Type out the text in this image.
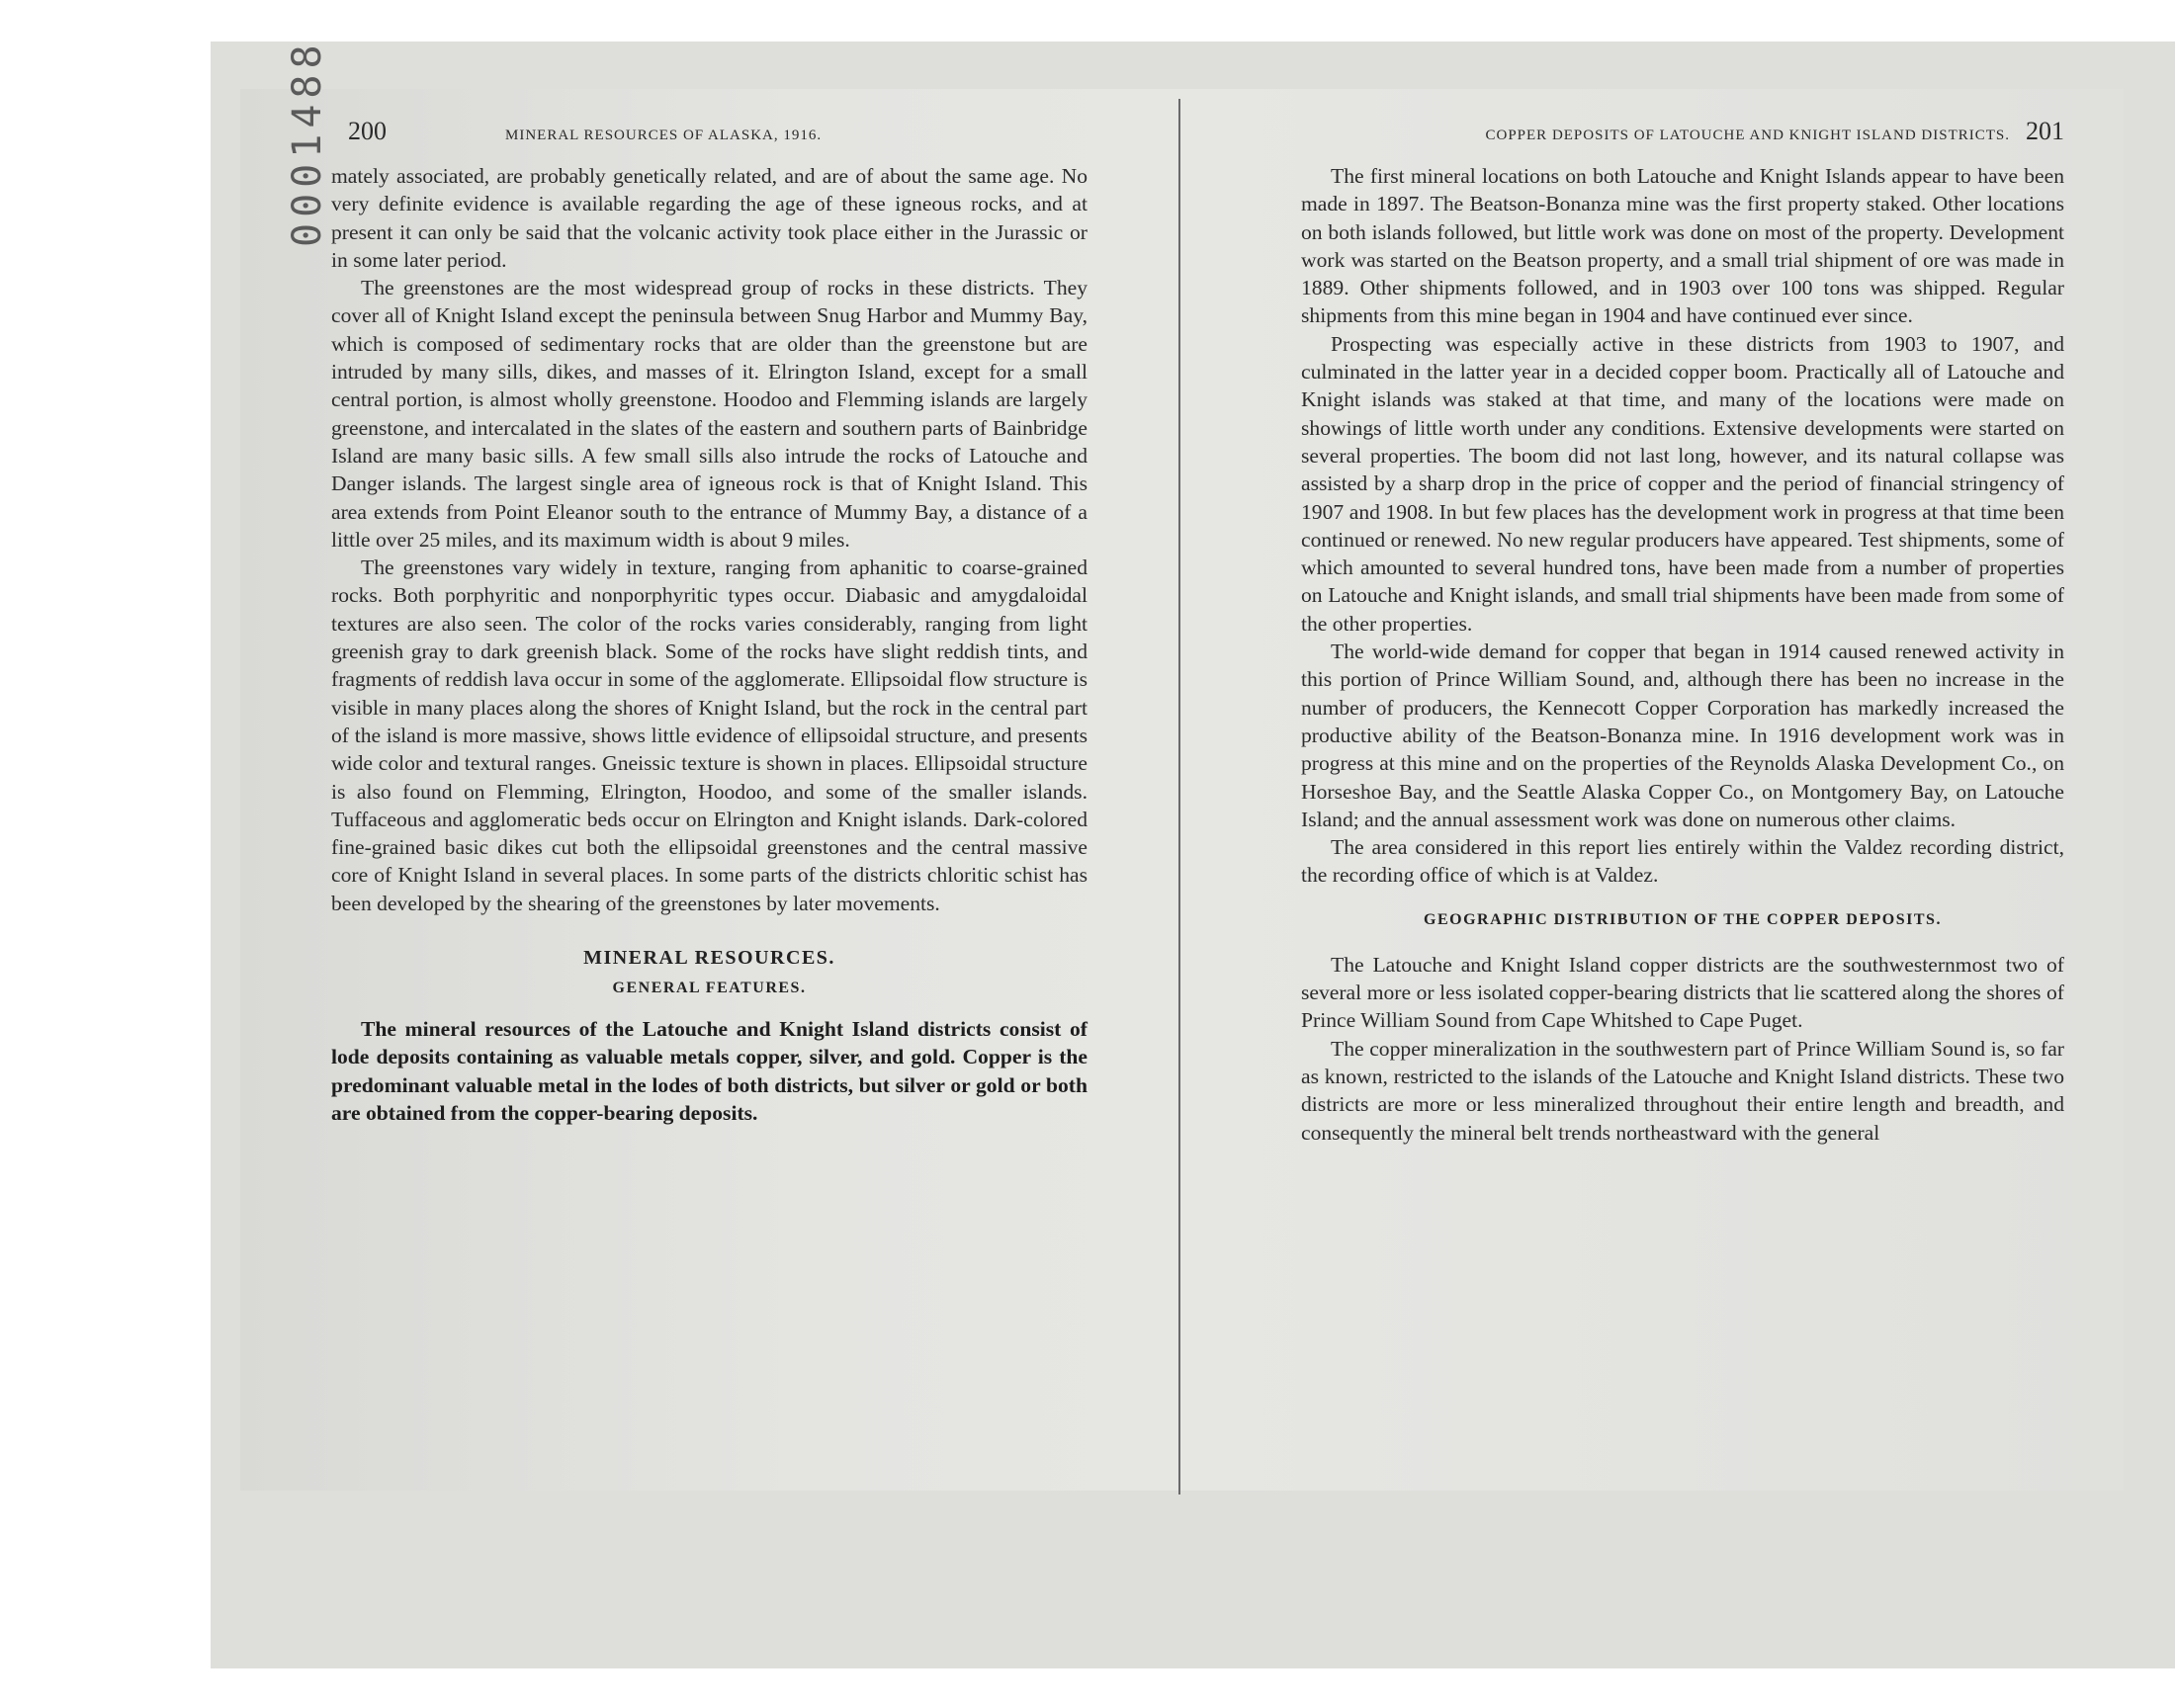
0001488 200	MINERAL RESOURCES OF ALASKA, 1916.

mately associated, are probably genetically related, and are of about the same age. No very definite evidence is available regarding the age of these igneous rocks, and at present it can only be said that the volcanic activity took place either in the Jurassic or in some later period.

The greenstones are the most widespread group of rocks in these districts. They cover all of Knight Island except the peninsula between Snug Harbor and Mummy Bay, which is composed of sedimentary rocks that are older than the greenstone but are intruded by many sills, dikes, and masses of it. Elrington Island, except for a small central portion, is almost wholly greenstone. Hoodoo and Flemming islands are largely greenstone, and intercalated in the slates of the eastern and southern parts of Bainbridge Island are many basic sills. A few small sills also intrude the rocks of Latouche and Danger islands. The largest single area of igneous rock is that of Knight Island. This area extends from Point Eleanor south to the entrance of Mummy Bay, a distance of a little over 25 miles, and its maximum width is about 9 miles.

The greenstones vary widely in texture, ranging from aphanitic to coarse-grained rocks. Both porphyritic and nonporphyritic types occur. Diabasic and amygdaloidal textures are also seen. The color of the rocks varies considerably, ranging from light greenish gray to dark greenish black. Some of the rocks have slight reddish tints, and fragments of reddish lava occur in some of the agglomerate. Ellipsoidal flow structure is visible in many places along the shores of Knight Island, but the rock in the central part of the island is more massive, shows little evidence of ellipsoidal structure, and presents wide color and textural ranges. Gneissic texture is shown in places. Ellipsoidal structure is also found on Flemming, Elrington, Hoodoo, and some of the smaller islands. Tuffaceous and agglomeratic beds occur on Elrington and Knight islands. Dark-colored fine-grained basic dikes cut both the ellipsoidal greenstones and the central massive core of Knight Island in several places. In some parts of the districts chloritic schist has been developed by the shearing of the greenstones by later movements.

MINERAL RESOURCES.
GENERAL FEATURES.

The mineral resources of the Latouche and Knight Island districts consist of lode deposits containing as valuable metals copper, silver, and gold. Copper is the predominant valuable metal in the lodes of both districts, but silver or gold or both are obtained from the copper-bearing deposits.

COPPER DEPOSITS OF LATOUCHE AND KNIGHT ISLAND DISTRICTS. 201

The first mineral locations on both Latouche and Knight Islands appear to have been made in 1897. The Beatson-Bonanza mine was the first property staked. Other locations on both islands followed, but little work was done on most of the property. Development work was started on the Beatson property, and a small trial shipment of ore was made in 1889. Other shipments followed, and in 1903 over 100 tons was shipped. Regular shipments from this mine began in 1904 and have continued ever since.

Prospecting was especially active in these districts from 1903 to 1907, and culminated in the latter year in a decided copper boom. Practically all of Latouche and Knight islands was staked at that time, and many of the locations were made on showings of little worth under any conditions. Extensive developments were started on several properties. The boom did not last long, however, and its natural collapse was assisted by a sharp drop in the price of copper and the period of financial stringency of 1907 and 1908. In but few places has the development work in progress at that time been continued or renewed. No new regular producers have appeared. Test shipments, some of which amounted to several hundred tons, have been made from a number of properties on Latouche and Knight islands, and small trial shipments have been made from some of the other properties.

The world-wide demand for copper that began in 1914 caused renewed activity in this portion of Prince William Sound, and, although there has been no increase in the number of producers, the Kennecott Copper Corporation has markedly increased the productive ability of the Beatson-Bonanza mine. In 1916 development work was in progress at this mine and on the properties of the Reynolds Alaska Development Co., on Horseshoe Bay, and the Seattle Alaska Copper Co., on Montgomery Bay, on Latouche Island; and the annual assessment work was done on numerous other claims.

The area considered in this report lies entirely within the Valdez recording district, the recording office of which is at Valdez.

GEOGRAPHIC DISTRIBUTION OF THE COPPER DEPOSITS.

The Latouche and Knight Island copper districts are the southwesternmost two of several more or less isolated copper-bearing districts that lie scattered along the shores of Prince William Sound from Cape Whitshed to Cape Puget.

The copper mineralization in the southwestern part of Prince William Sound is, so far as known, restricted to the islands of the Latouche and Knight Island districts. These two districts are more or less mineralized throughout their entire length and breadth, and consequently the mineral belt trends northeastward with the general
